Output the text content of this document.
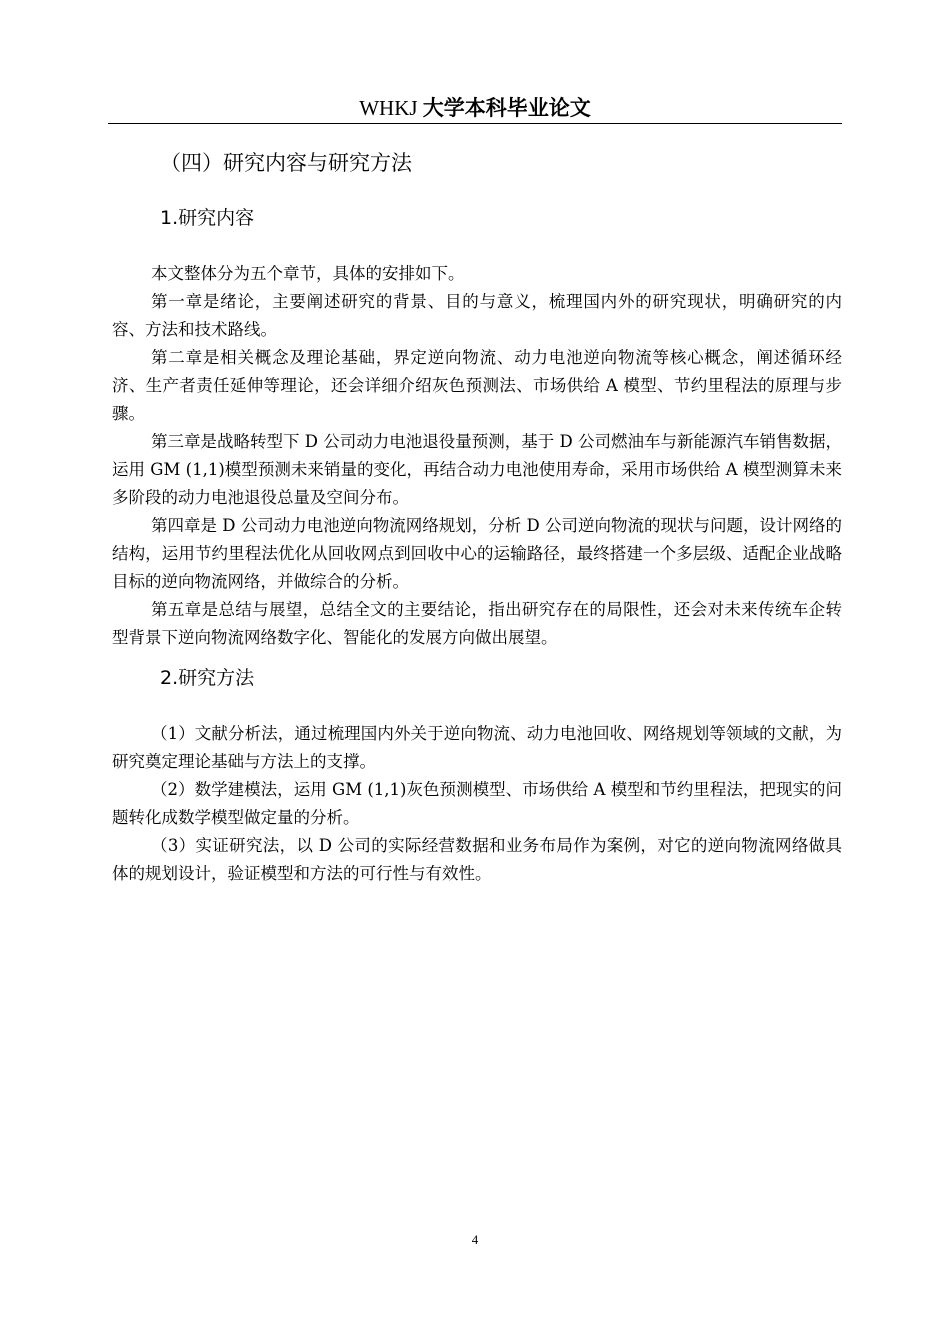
WHKJ 大学本科毕业论文
（四）研究内容与研究方法
1.研究内容

本文整体分为五个章节，具体的安排如下。

第一章是绪论，主要阐述研究的背景、目的与意义，梳理国内外的研究现状，明确研究的内容、方法和技术路线。

第二章是相关概念及理论基础，界定逆向物流、动力电池逆向物流等核心概念，阐述循环经济、生产者责任延伸等理论，还会详细介绍灰色预测法、市场供给 A 模型、节约里程法的原理与步骤。

第三章是战略转型下 D 公司动力电池退役量预测，基于 D 公司燃油车与新能源汽车销售数据，运用 GM (1,1)模型预测未来销量的变化，再结合动力电池使用寿命，采用市场供给 A 模型测算未来多阶段的动力电池退役总量及空间分布。

第四章是 D 公司动力电池逆向物流网络规划，分析 D 公司逆向物流的现状与问题，设计网络的结构，运用节约里程法优化从回收网点到回收中心的运输路径，最终搭建一个多层级、适配企业战略目标的逆向物流网络，并做综合的分析。

第五章是总结与展望，总结全文的主要结论，指出研究存在的局限性，还会对未来传统车企转型背景下逆向物流网络数字化、智能化的发展方向做出展望。

2.研究方法

（1）文献分析法，通过梳理国内外关于逆向物流、动力电池回收、网络规划等领域的文献，为研究奠定理论基础与方法上的支撑。

（2）数学建模法，运用 GM (1,1)灰色预测模型、市场供给 A 模型和节约里程法，把现实的问题转化成数学模型做定量的分析。

（3）实证研究法，以 D 公司的实际经营数据和业务布局作为案例，对它的逆向物流网络做具体的规划设计，验证模型和方法的可行性与有效性。

4
